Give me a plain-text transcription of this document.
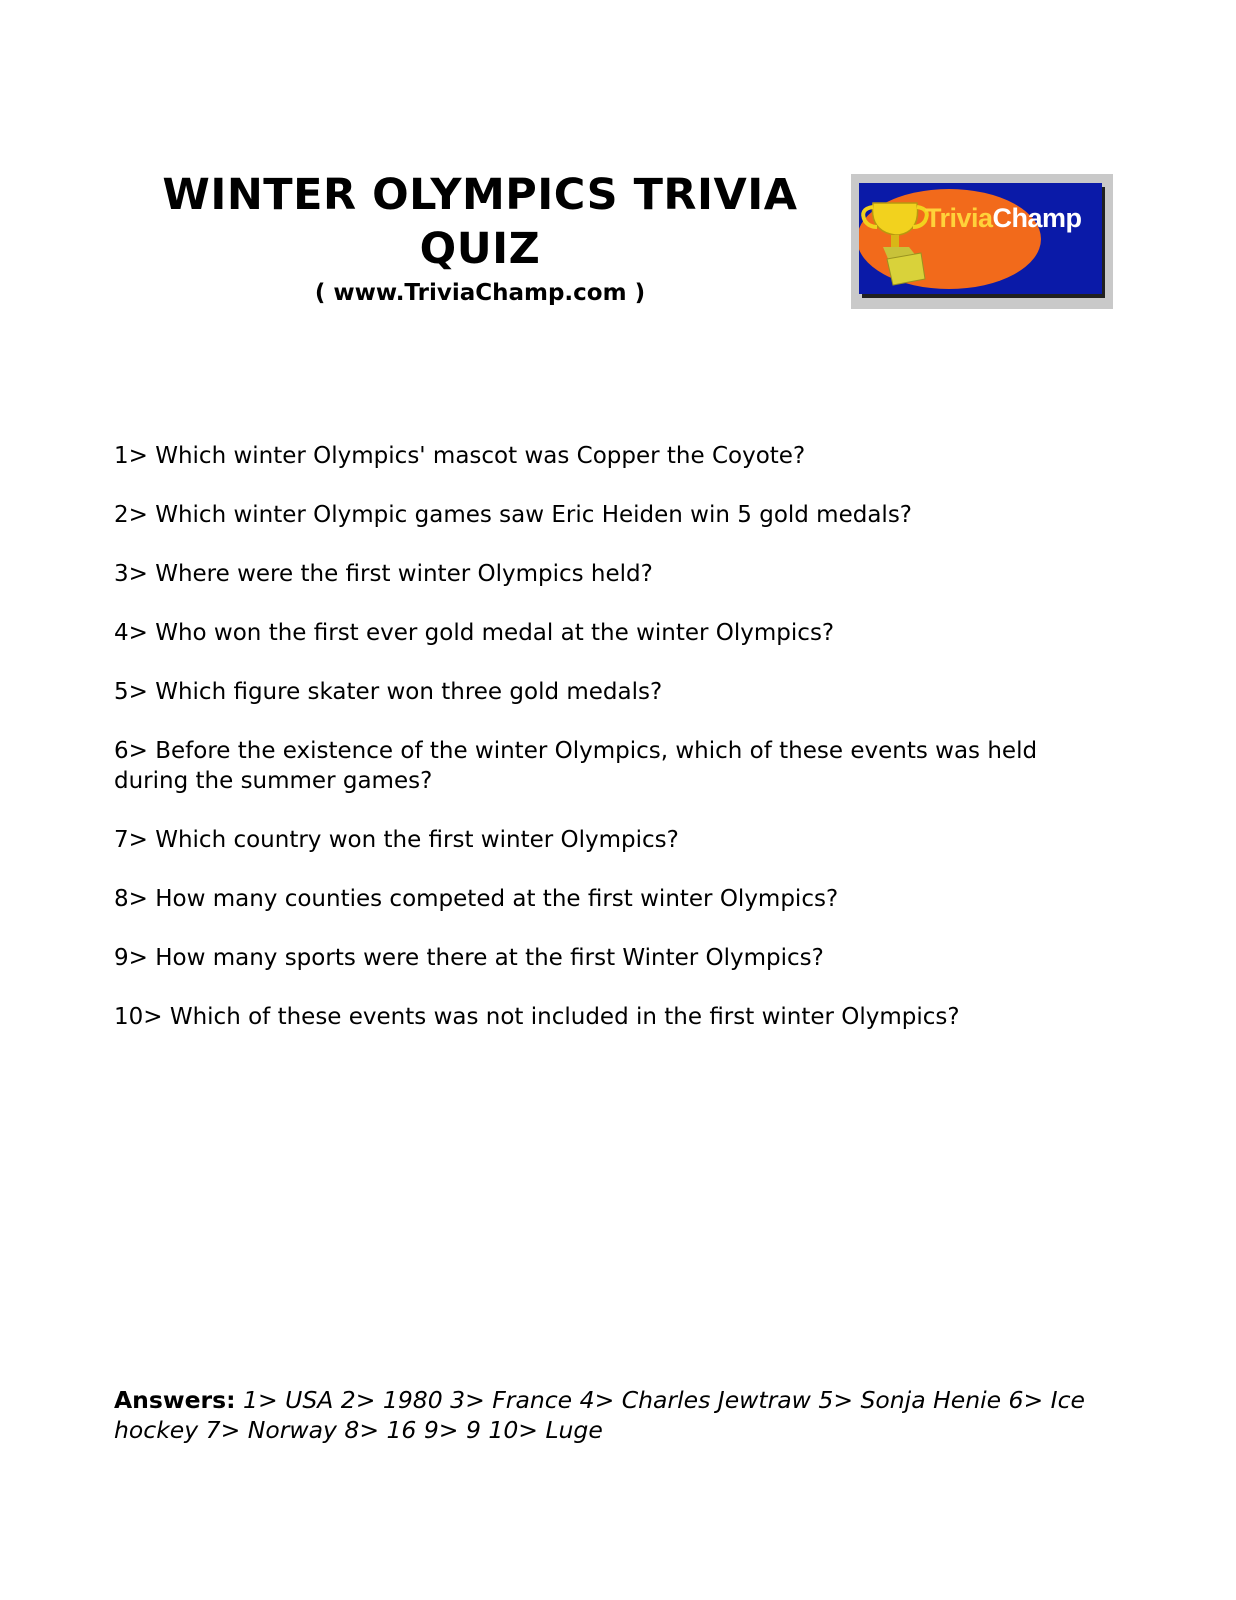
WINTER OLYMPICS TRIVIA QUIZ
( www.TriviaChamp.com )
TriviaChamp

1> Which winter Olympics' mascot was Copper the Coyote?

2> Which winter Olympic games saw Eric Heiden win 5 gold medals?

3> Where were the first winter Olympics held?

4> Who won the first ever gold medal at the winter Olympics?

5> Which figure skater won three gold medals?

6> Before the existence of the winter Olympics, which of these events was held during the summer games?

7> Which country won the first winter Olympics?

8> How many counties competed at the first winter Olympics?

9> How many sports were there at the first Winter Olympics?

10> Which of these events was not included in the first winter Olympics?

Answers: 1> USA 2> 1980 3> France 4> Charles Jewtraw 5> Sonja Henie 6> Ice hockey 7> Norway 8> 16 9> 9 10> Luge
